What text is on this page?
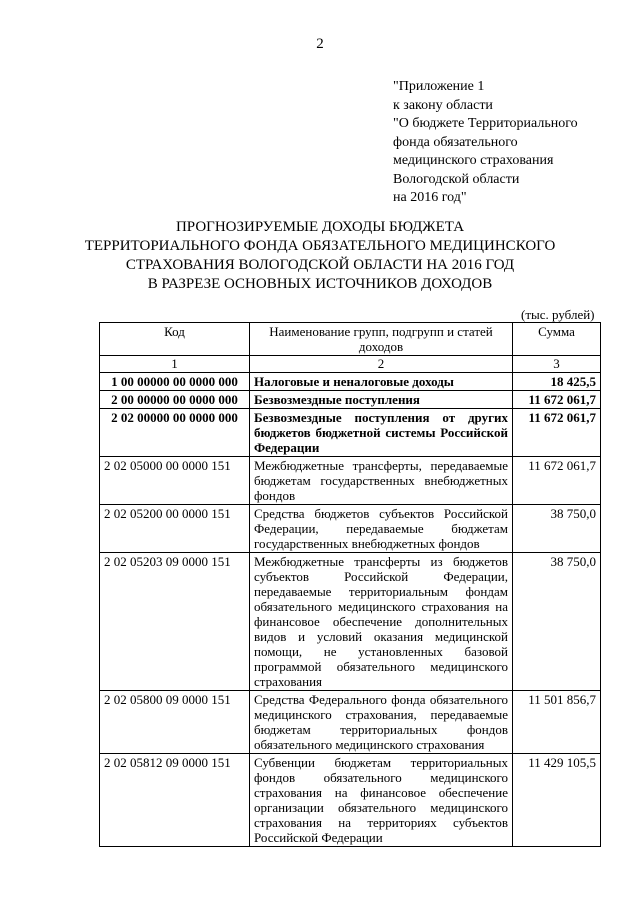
2
"Приложение 1
к закону области
"О бюджете Территориального
фонда обязательного
медицинского страхования
Вологодской области
на 2016 год"
ПРОГНОЗИРУЕМЫЕ ДОХОДЫ БЮДЖЕТА
ТЕРРИТОРИАЛЬНОГО ФОНДА ОБЯЗАТЕЛЬНОГО МЕДИЦИНСКОГО
СТРАХОВАНИЯ ВОЛОГОДСКОЙ ОБЛАСТИ НА 2016 ГОД
В РАЗРЕЗЕ ОСНОВНЫХ ИСТОЧНИКОВ ДОХОДОВ
(тыс. рублей)
Код	Наименование групп, подгрупп и статей доходов	Сумма
1	2	3
1 00 00000 00 0000 000	Налоговые и неналоговые доходы	18 425,5
2 00 00000 00 0000 000	Безвозмездные поступления	11 672 061,7
2 02 00000 00 0000 000	Безвозмездные поступления от других бюджетов бюджетной системы Российской Федерации	11 672 061,7
2 02 05000 00 0000 151	Межбюджетные трансферты, передаваемые бюджетам государственных внебюджетных фондов	11 672 061,7
2 02 05200 00 0000 151	Средства бюджетов субъектов Российской Федерации, передаваемые бюджетам государственных внебюджетных фондов	38 750,0
2 02 05203 09 0000 151	Межбюджетные трансферты из бюджетов субъектов Российской Федерации, передаваемые территориальным фондам обязательного медицинского страхования на финансовое обеспечение дополнительных видов и условий оказания медицинской помощи, не установленных базовой программой обязательного медицинского страхования	38 750,0
2 02 05800 09 0000 151	Средства Федерального фонда обязательного медицинского страхования, передаваемые бюджетам территориальных фондов обязательного медицинского страхования	11 501 856,7
2 02 05812 09 0000 151	Субвенции бюджетам территориальных фондов обязательного медицинского страхования на финансовое обеспечение организации обязательного медицинского страхования на территориях субъектов Российской Федерации	11 429 105,5
